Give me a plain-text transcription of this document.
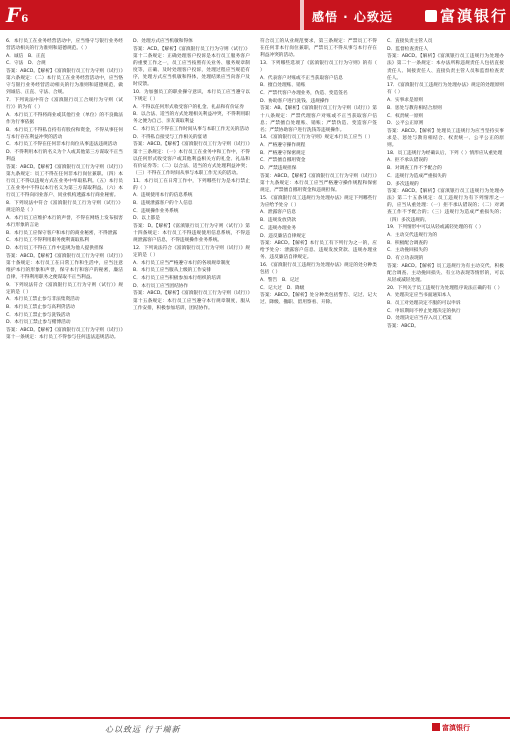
F6	感悟 · 心致远	富滇银行

6．本行员工在业务经营活动中，应当恪守与银行业务经营活动相关的行为准则和道德规范。（ ）

A．诚信　B．正直

C．守法　D．合规

答案：ABCD。【解析】《富滇银行员工行为守则（试行）》第六条规定：（二）本行员工在业务经营活动中，应当恪守与银行业务经营活动相关的行为准则和道德规范，做到诚信、正直、守法、合规。

7．下列说法中符合《富滇银行员工合规行为守则（试行）》的为有（ ）

A．本行员工不得将商业或其他行业（单位）的不良做法作为行事依据

B．本行员工不得私自持有有股份和资金，不得从事任何与本行存在利益冲突的活动

C．本行员工不得在任何非本行岗位从事违法违规活动

D．不得利用本行的名义为个人或其他第三方谋取不正当利益

答案：ABCD。【解析】《富滇银行员工行为守则（试行）》第九条规定：员工不得在任何非本行岗位兼职。（四）本行员工不得以违规方式在业务中牟取私利。（五）本行员工在业务中不得以本行名义为第三方谋取利益。（六）本行员工不得向同业客户、同业机构透露本行商业秘密。

8．下列说法中符合《富滇银行员工行为守则（试行）》规定的是（ ）

A．本行员工应维护本行的声誉，不得在网络上发布损害本行形象的言论

B．本行员工应保守客户和本行的商业秘密，不得泄露

C．本行员工不得利用职务便利谋取私利

D．本行员工不得在工作中违规为他人提供担保

答案：ABCD。【解析】《富滇银行员工行为守则（试行）》第十条规定：本行员工在日常工作和生活中，应当注意维护本行的形象和声誉，保守本行和客户的秘密，廉洁自律，不得利用职务之便谋取不正当利益。

9．下列说法符合《富滇银行员工行为守则（试行）》规定的是（ ）

A．本行员工禁止参与非法集资活动

B．本行员工禁止参与高利贷活动

C．本行员工禁止参与洗钱活动

D．本行员工禁止参与赌博活动

答案：ABCD。【解析】《富滇银行员工行为守则（试行）》第十一条规定：本行员工不得参与任何违法违规活动。

D．处理方式应当机敏和得体

答案：ACD。【解析】《富滇银行员工行为守则（试行）》第十二条规定：正确处理客户投诉是本行员工服务客户的重要工作之一，员工应当按照有关业务、服务规章制度等，正确、及时处理客户投诉，处理过程应当规范有序，处理方式应当机敏和得体，处理结果应当向客户及时反馈。

10．为加强员工的职业操守意识，本行员工应当遵守以下规定（ ）

A．不得以任何形式收受客户的礼金、礼品和有价证券

B．以合法、适当的方式处理相关利益冲突，不得利用职务之便为自己、亲友谋取利益

C．本行员工不得在工作时间从事与本职工作无关的活动

D．不得私自接受与工作相关的宴请

答案：ABCD。【解析】《富滇银行员工行为守则（试行）》第十三条规定：（一）本行员工在业务中和工作中，不得以任何形式收受客户或其他利益相关方的礼金、礼品和有价证券等；（二）以合法、适当的方式处理利益冲突；（三）不得在工作时间从事与本职工作无关的活动。

11．本行员工在日常工作中，下列哪些行为是本行禁止的（ ）

A．违规使用本行的信息系统

B．违规泄露客户的个人信息

C．违规操作业务系统

D．以上都是

答案：D。【解析】《富滇银行员工行为守则（试行）》第十四条规定：本行员工不得违规使用信息系统，不得违规泄露客户信息，不得违规操作业务系统。

12．下列说法符合《富滇银行员工行为守则（试行）》规定的是（ ）

A．本行员工应当严格遵守本行的各项规章制度

B．本行员工应当服从上级的工作安排

C．本行员工应当积极参加本行组织的培训

D．本行员工应当团结协作

答案：ABCD。【解析】《富滇银行员工行为守则（试行）》第十五条规定：本行员工应当遵守本行规章制度，服从工作安排，积极参加培训，团结协作。

符合员工的从业规范要求，第三条规定：严禁员工不得在任何非本行岗位兼职，严禁员工不得从事与本行存在利益冲突的活动。

13．下列哪些选项了《富滇银行员工行为守则》的有（ ）

A．代表客户对账或不正当获取客户信息

B．擅自处理账、销账

C．严禁代客户办理业务，伪造、变造签名

D．协助客户进行洗钱、违规操作

答案：AB。【解析】《富滇银行员工行为守则（试行）》第十八条规定：严禁代理客户对账或不正当获取客户信息；严禁擅自处理账、销账；严禁伪造、变造客户签名；严禁协助客户进行洗钱等违规操作。

14．《富滇银行员工行为守则》规定本行员工应当（ ）

A．严格遵守操作规程

B．严格遵守保密规定

C．严禁擅自挪用资金

D．严禁违规担保

答案：ABCD。【解析】《富滇银行员工行为守则（试行）》第十九条规定：本行员工应当严格遵守操作规程和保密规定，严禁擅自挪用资金和违规担保。

15．《富滇银行员工违规行为处理办法》规定下列哪些行为应给予处分（ ）

A．泄露客户信息

B．违规发放贷款

C．违规办理业务

D．违反廉洁自律规定

答案：ABCD。【解析】本行员工有下列行为之一的，应给予处分：泄露客户信息、违规发放贷款、违规办理业务、违反廉洁自律规定。

16．《富滇银行员工违规行为处理办法》规定的处分种类包括（ ）

A．警告　B．记过

C．记大过　D．降级

答案：ABCD。【解析】处分种类包括警告、记过、记大过、降级、撤职、留用察看、开除。

C．直接负责主管人员

D．监督检查责任人

答案：ABCD。【解析】《富滇银行员工违规行为处理办法》第二十一条规定：本办法所称违规责任人包括直接责任人、间接责任人、直接负责主管人员和监督检查责任人。

17．《富滇银行员工违规行为处理办法》规定的处理原则有（ ）

A．实事求是原则

B．惩处与教育相结合原则

C．权责统一原则

D．公平公正原则

答案：ABCD。【解析】处理员工违规行为应当坚持实事求是、惩处与教育相结合、权责统一、公平公正的原则。

18．员工违规行为经确认后，下列（ ）情形应从重处理

A．拒不承认错误的

B．对调查工作不予配合的

C．违规行为造成严重损失的

D．多次违规的

答案：ABCD。【解析】《富滇银行员工违规行为处理办法》第二十五条规定：员工违规行为有下列情形之一的，应当从重处理：（一）拒不承认错误的；（二）对调查工作不予配合的；（三）违规行为造成严重损失的；（四）多次违规的。

19．下列情形中可以从轻或减轻处理的有（ ）

A．主动交代违规行为的

B．积极配合调查的

C．主动挽回损失的

D．有立功表现的

答案：ABCD。【解析】员工违规行为有主动交代、积极配合调查、主动挽回损失、有立功表现等情形的，可以从轻或减轻处理。

20．下列关于员工违规行为处理程序说法正确的有（ ）

A．处理决定应当书面通知本人

B．员工对处理决定不服的可以申诉

C．申诉期间不停止处理决定的执行

D．处理决定应当存入员工档案

答案：ABCD。

心以致远 行于端新	富滇银行
